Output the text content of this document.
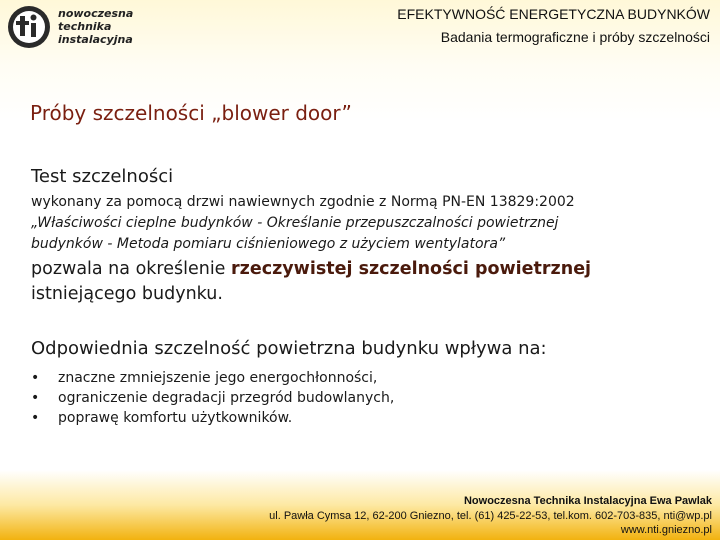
nowoczesna
technika
instalacyjna
EFEKTYWNOŚĆ ENERGETYCZNA BUDYNKÓW
Badania termograficzne i próby szczelności
Próby szczelności „blower door”
Test szczelności
wykonany za pomocą drzwi nawiewnych zgodnie z Normą PN-EN 13829:2002
„Właściwości cieplne budynków - Określanie przepuszczalności powietrznej
budynków - Metoda pomiaru ciśnieniowego z użyciem wentylatora”
pozwala na określenie rzeczywistej szczelności powietrznej
istniejącego budynku.
Odpowiednia szczelność powietrzna budynku wpływa na:
• znaczne zmniejszenie jego energochłonności,
• ograniczenie degradacji przegród budowlanych,
• poprawę komfortu użytkowników.
Nowoczesna Technika Instalacyjna Ewa Pawlak
ul. Pawła Cymsa 12, 62-200 Gniezno, tel. (61) 425-22-53, tel.kom. 602-703-835, nti@wp.pl
www.nti.gniezno.pl
